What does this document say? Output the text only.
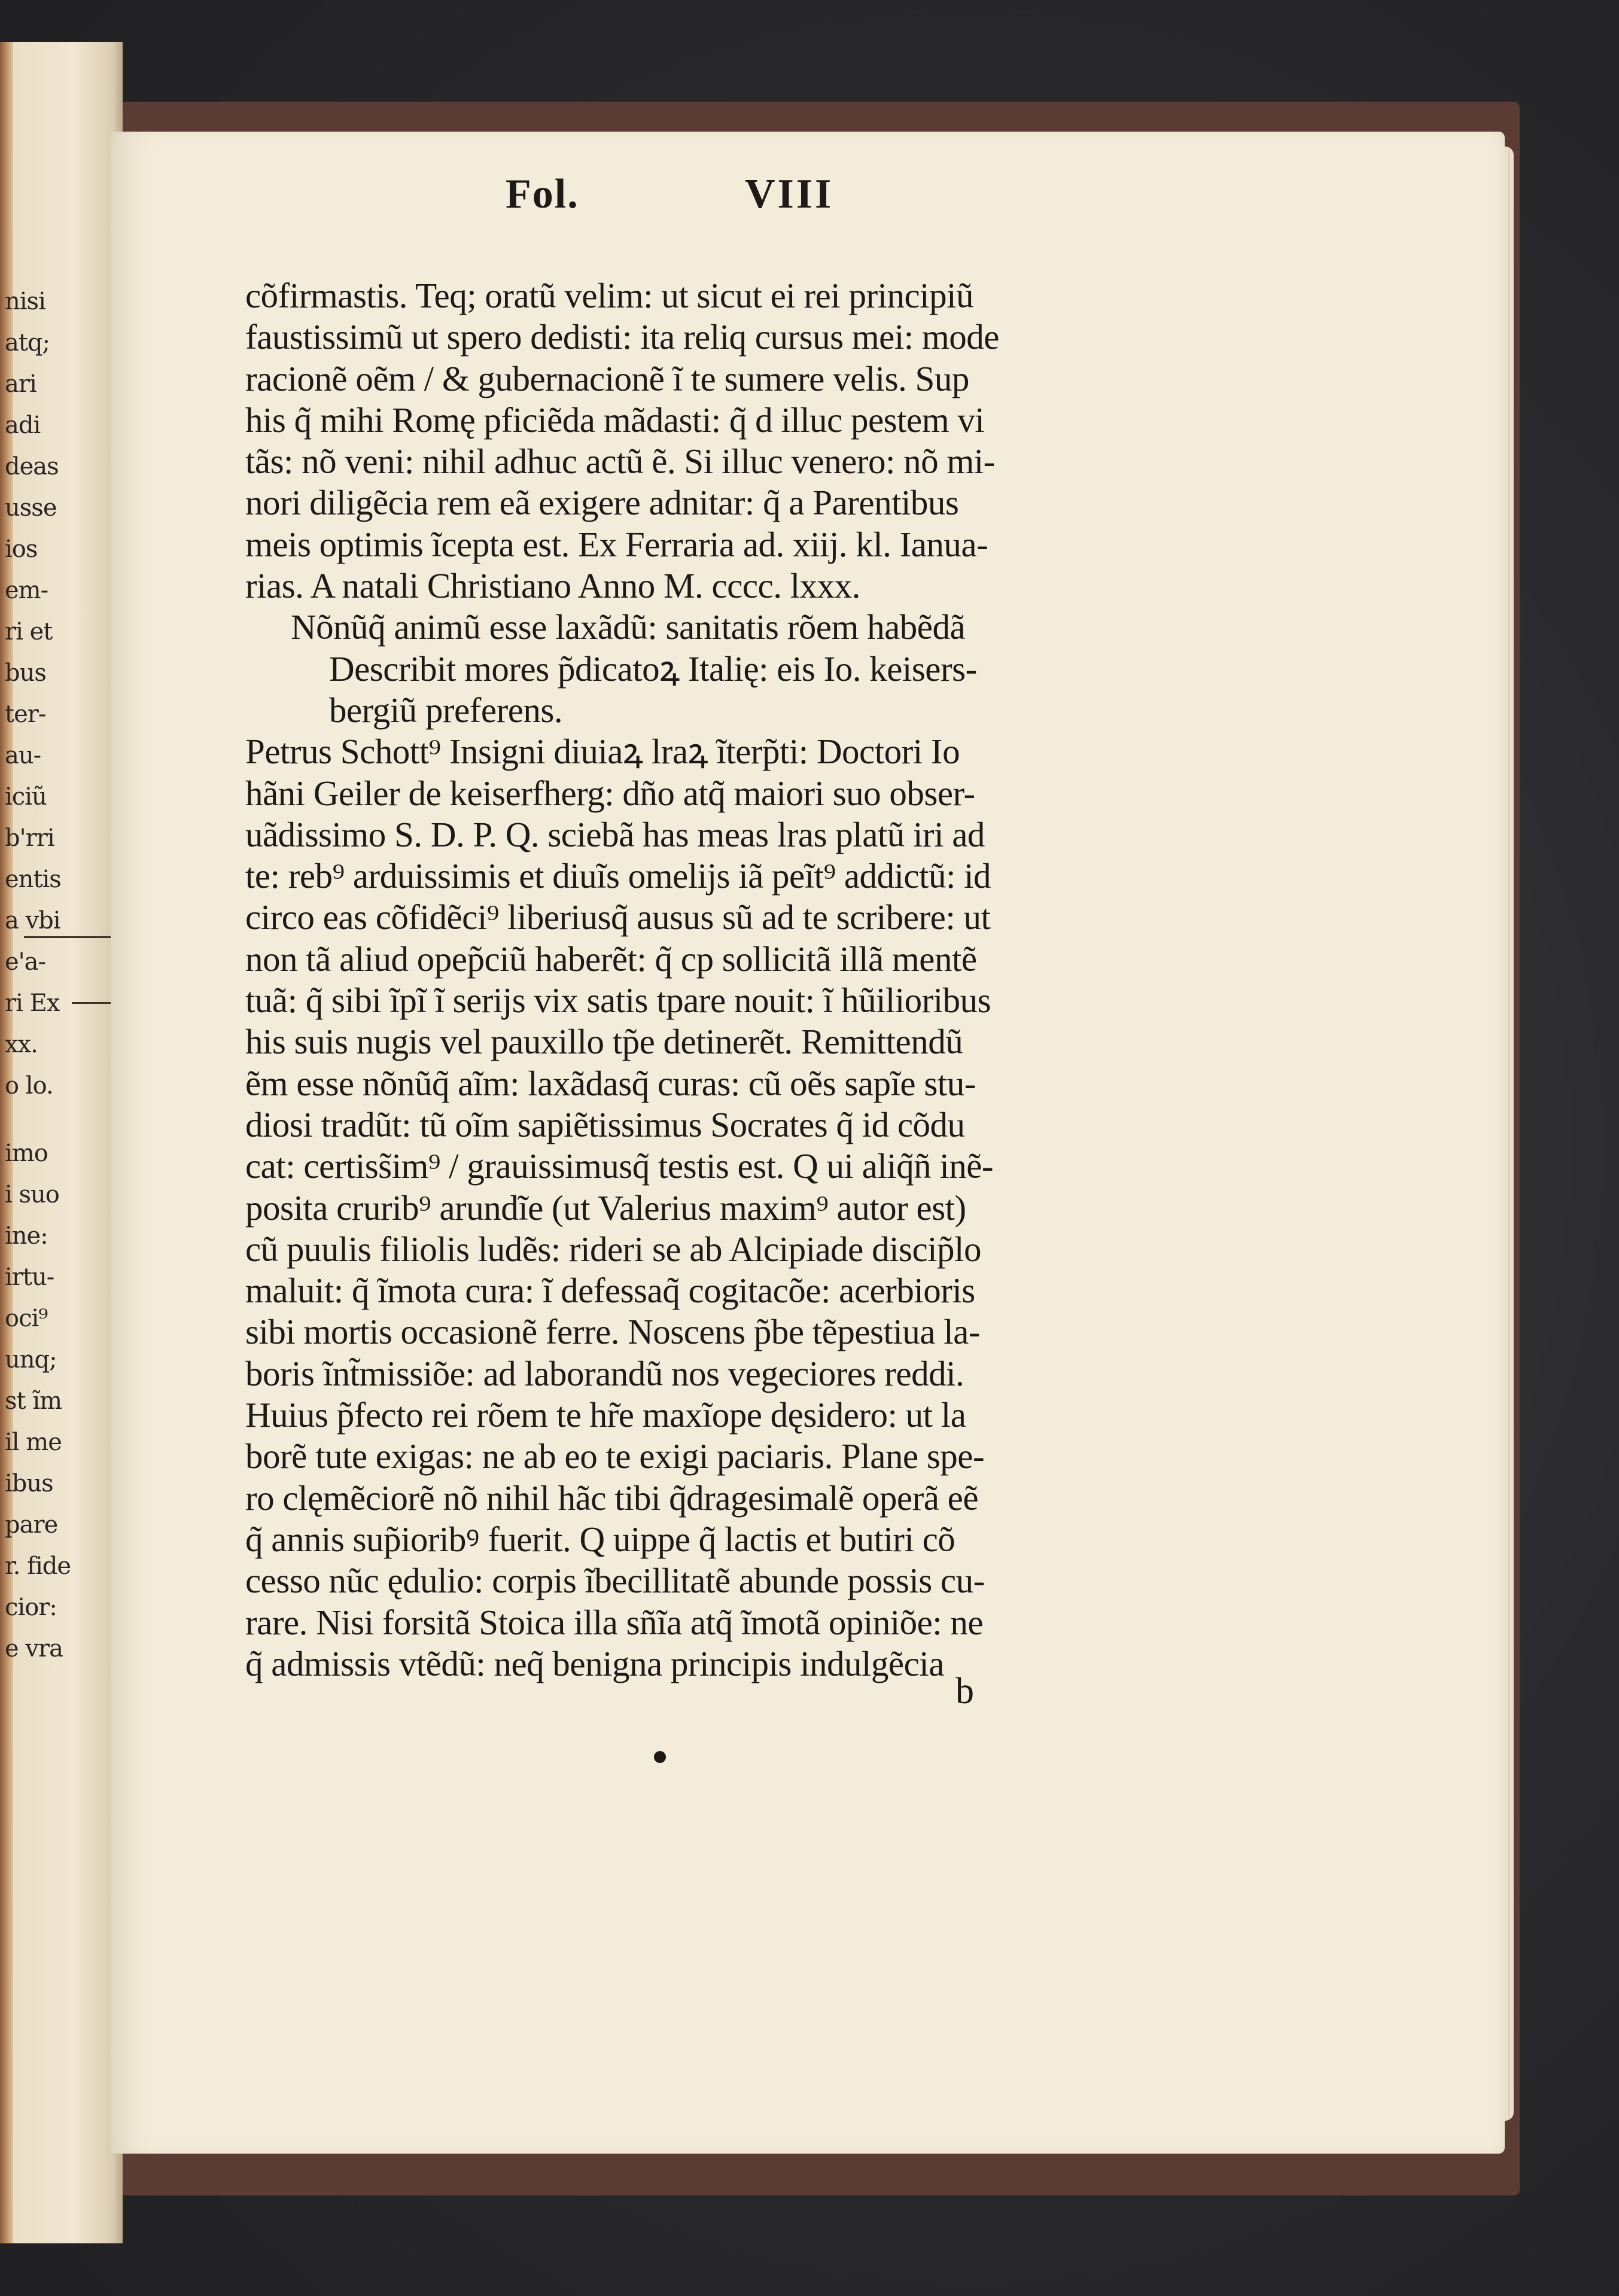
nisi
atq;
ari
adi
deas
usse
ios
em-
ri et
bus
ter-
au-
iciũ
b'rri
entis
a vbi
e'a-
ri Ex
xx.
o lo.
imo
i suo
ine:
irtu-
oci⁹
unq;
st ĩm
il me
ibus
pare
r. fide
cior:
e vra
Fol.	VIII
cõfirmastis. Teq; oratũ velim: ut sicut ei rei principiũ
faustissimũ ut spero dedisti: ita reliq cursus mei: mode
racionẽ oẽm / & gubernacionẽ ĩ te sumere velis. Sup
his q̃ mihi Romę pficiẽda mãdasti: q̃ d illuc pestem vi
tãs: nõ veni: nihil adhuc actũ ẽ. Si illuc venero: nõ mi-
nori diligẽcia rem eã exigere adnitar: q̃ a Parentibus
meis optimis ĩcepta est. Ex Ferraria ad. xiij. kl. Ianua-
rias. A natali Christiano Anno M. cccc. lxxx.
Nõnũq̃ animũ esse laxãdũ: sanitatis rõem habẽdã
Describit mores p̃dicatoꝝ Italię: eis Io. keisers-
bergiũ preferens.
Petrus Schott⁹ Insigni diuiaꝝ lraꝝ ĩterp̃ti: Doctori Io
hãni Geiler de keiserfherg: dño atq̃ maiori suo obser-
uãdissimo S. D. P. Q. sciebã has meas lras platũ iri ad
te: reb⁹ arduissimis et diuĩs omelijs iã peĩt⁹ addictũ: id
circo eas cõfidẽci⁹ liberiusq̃ ausus sũ ad te scribere: ut
non tã aliud opep̃ciũ haberẽt: q̃ cp sollicitã illã mentẽ
tuã: q̃ sibi ĩpĩ ĩ serijs vix satis tpare nouit: ĩ hũilioribus
his suis nugis vel pauxillo tp̃e detinerẽt. Remittendũ
ẽm esse nõnũq̃ aĩm: laxãdasq̃ curas: cũ oẽs sapĩe stu-
diosi tradũt: tũ oĩm sapiẽtissimus Socrates q̃ id cõdu
cat: certiss̃im⁹ / grauissimusq̃ testis est. Q ui aliq̃ñ inẽ-
posita crurib⁹ arundĩe (ut Valerius maxim⁹ autor est)
cũ puulis filiolis ludẽs: rideri se ab Alcipiade discip̃lo
maluit: q̃ ĩmota cura: ĩ defessaq̃ cogitacõe: acerbioris
sibi mortis occasionẽ ferre. Noscens p̃be tẽpestiua la-
boris ĩnt̃missiõe: ad laborandũ nos vegeciores reddi.
Huius p̃fecto rei rõem te hr̃e maxĩope dęsidero: ut la
borẽ tute exigas: ne ab eo te exigi paciaris. Plane spe-
ro clęmẽciorẽ nõ nihil hãc tibi q̃dragesimalẽ operã eẽ
q̃ annis sup̃ioribꝰ fuerit. Q uippe q̃ lactis et butiri cõ
cesso nũc ędulio: corpis ĩbecillitatẽ abunde possis cu-
rare. Nisi forsitã Stoica illa sñĩa atq̃ ĩmotã opiniõe: ne
q̃ admissis vtẽdũ: neq̃ benigna principis indulgẽcia
b
